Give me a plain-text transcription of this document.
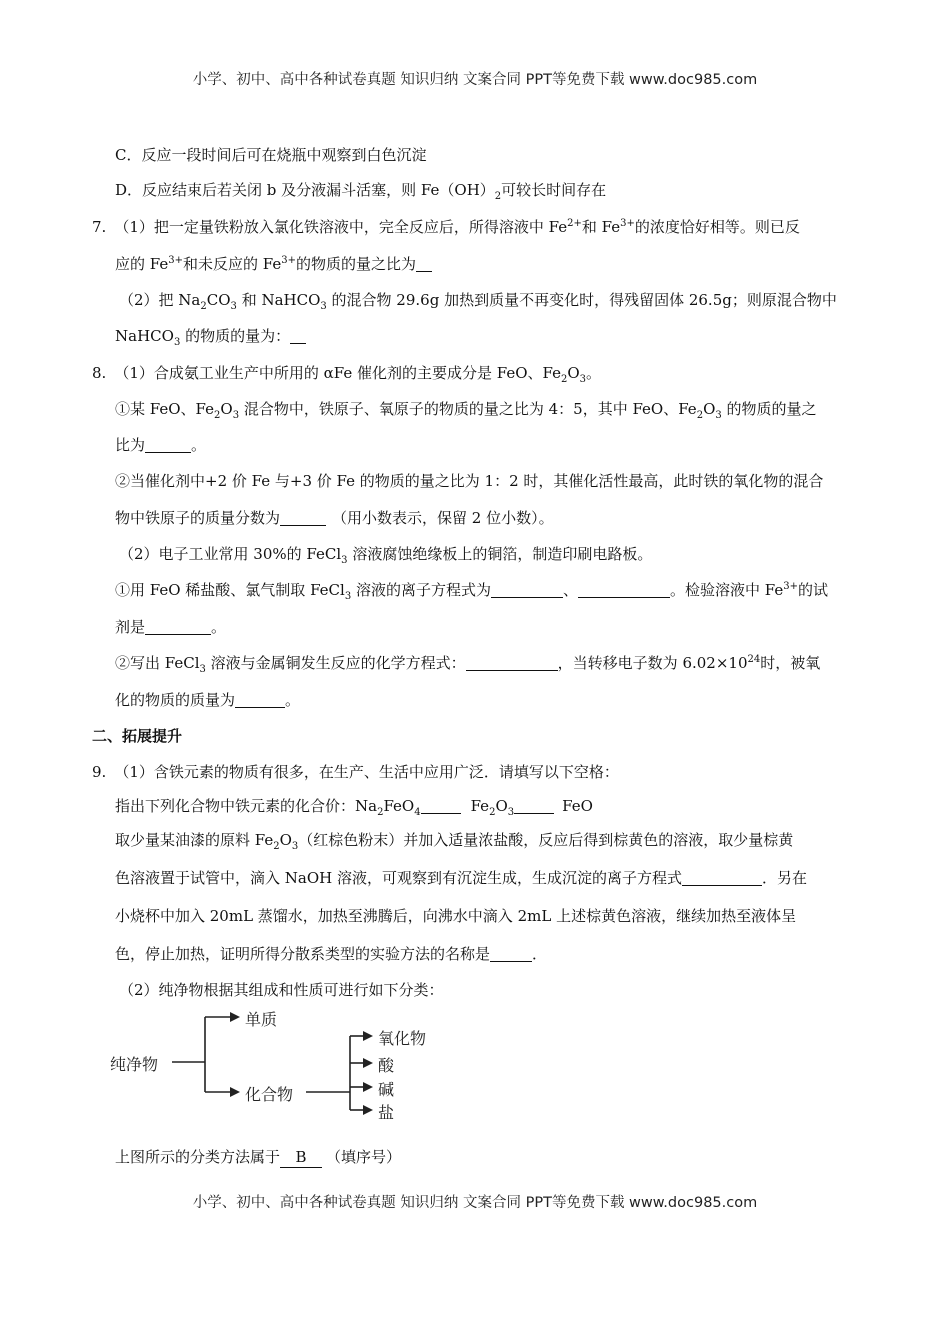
小学、初中、高中各种试卷真题 知识归纳 文案合同 PPT等免费下载 www.doc985.com
C．反应一段时间后可在烧瓶中观察到白色沉淀
D．反应结束后若关闭 b 及分液漏斗活塞，则 $Fe(OH)_2$可较长时间存在
7. （1）把一定量铁粉放入氯化铁溶液中，完全反应后，所得溶液中 $Fe^{2+}$和 $Fe^{3+}$的浓度恰好相等。则已反
应的 $Fe^{3+}$和未反应的 $Fe^{3+}$的物质的量之比为
（2）把 $Na_2CO_3$ 和 NaHCO$_3$ 的混合物 29.6g 加热到质量不再变化时，得残留固体 26.5g；则原混合物中
NaHCO$_3$ 的物质的量为：
8. （1）合成氨工业生产中所用的 αFe 催化剂的主要成分是 FeO、$Fe_2O_3$。
①某 FeO、$Fe_2O_3$ 混合物中，铁原子、氧原子的物质的量之比为 4：5，其中 FeO、$Fe_2O_3$ 的物质的量之
比为	。
②当催化剂中+2 价 Fe 与+3 价 Fe 的物质的量之比为 1：2 时，其催化活性最高，此时铁的氧化物的混合
物中铁原子的质量分数为	（用小数表示，保留 2 位小数）。
（2）电子工业常用 30%的 FeCl$_3$ 溶液腐蚀绝缘板上的铜箔，制造印刷电路板。
①用 FeO 稀盐酸、氯气制取 FeCl$_3$ 溶液的离子方程式为	、	。检验溶液中 $Fe^{3+}$的试
剂是	。
②写出 FeCl$_3$ 溶液与金属铜发生反应的化学方程式：	，当转移电子数为 $6.02\times 10^{24}$时，被氧
化的物质的质量为	。
二、拓展提升
9. （1）含铁元素的物质有很多，在生产、生活中应用广泛．请填写以下空格：
指出下列化合物中铁元素的化合价：$Na_2FeO_4$	$Fe_2O_3$	FeO
取少量某油漆的原料 $Fe_2O_3$（红棕色粉末）并加入适量浓盐酸，反应后得到棕黄色的溶液，取少量棕黄
色溶液置于试管中，滴入 NaOH 溶液，可观察到有沉淀生成，生成沉淀的离子方程式	．另在
小烧杯中加入 20mL 蒸馏水，加热至沸腾后，向沸水中滴入 2mL 上述棕黄色溶液，继续加热至液体呈
色，停止加热，证明所得分散系类型的实验方法的名称是	．
（2）纯净物根据其组成和性质可进行如下分类：
纯净物
单质
化合物
氧化物
酸
碱
盐
上图所示的分类方法属于 B （填序号）
小学、初中、高中各种试卷真题 知识归纳 文案合同 PPT等免费下载 www.doc985.com
